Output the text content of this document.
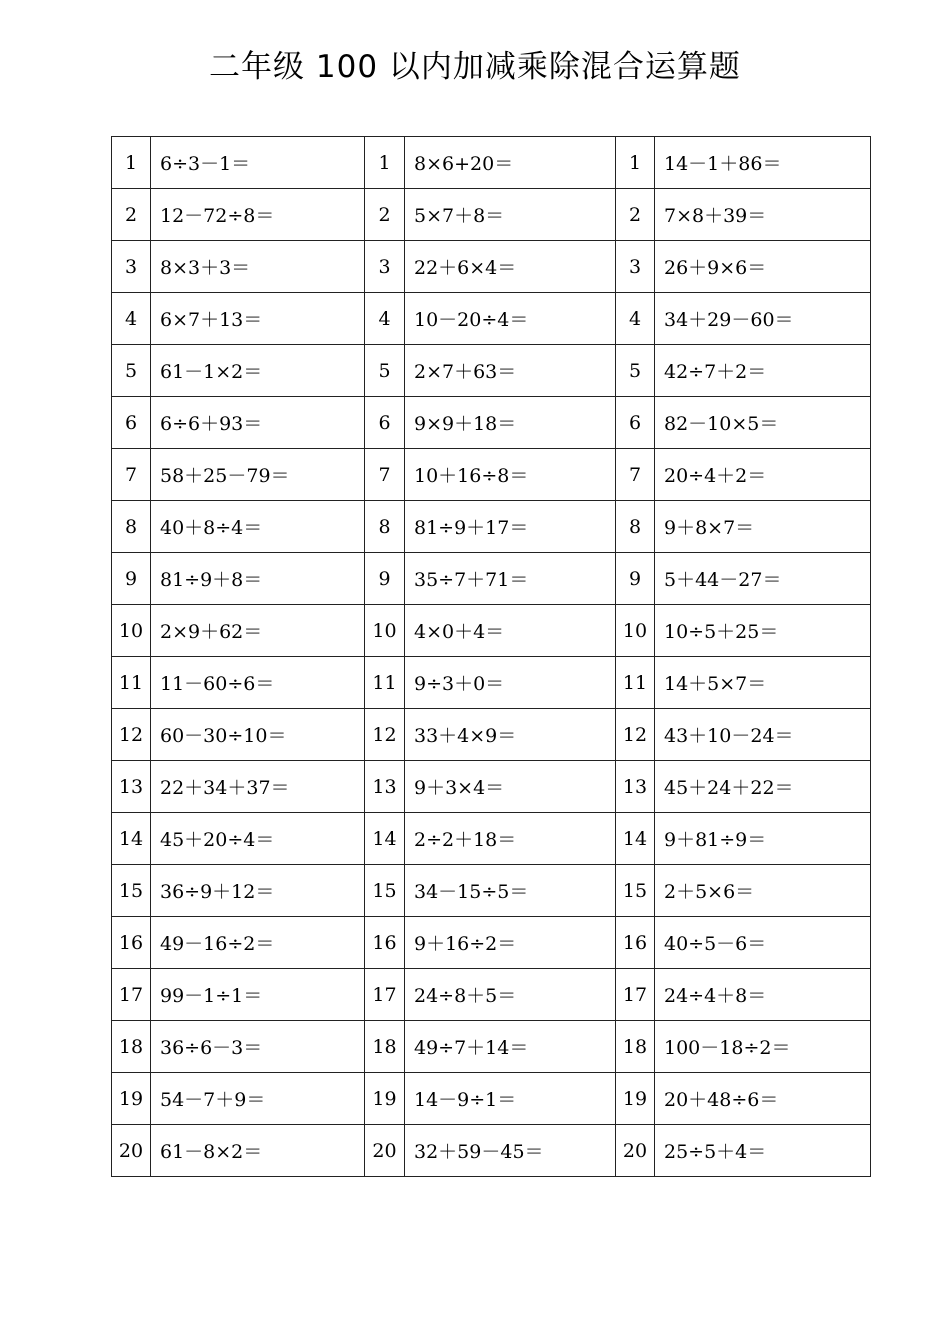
二年级 100 以内加减乘除混合运算题
1	6÷3－1＝	1	8×6+20＝	1	14－1＋86＝
2	12－72÷8＝	2	5×7＋8＝	2	7×8＋39＝
3	8×3＋3＝	3	22＋6×4＝	3	26＋9×6＝
4	6×7＋13＝	4	10－20÷4＝	4	34＋29－60＝
5	61－1×2＝	5	2×7＋63＝	5	42÷7＋2＝
6	6÷6＋93＝	6	9×9＋18＝	6	82－10×5＝
7	58＋25－79＝	7	10＋16÷8＝	7	20÷4＋2＝
8	40＋8÷4＝	8	81÷9＋17＝	8	9＋8×7＝
9	81÷9＋8＝	9	35÷7＋71＝	9	5＋44－27＝
10	2×9＋62＝	10	4×0＋4＝	10	10÷5＋25＝
11	11－60÷6＝	11	9÷3＋0＝	11	14＋5×7＝
12	60－30÷10＝	12	33＋4×9＝	12	43＋10－24＝
13	22＋34＋37＝	13	9＋3×4＝	13	45＋24＋22＝
14	45＋20÷4＝	14	2÷2＋18＝	14	9＋81÷9＝
15	36÷9＋12＝	15	34－15÷5＝	15	2＋5×6＝
16	49－16÷2＝	16	9＋16÷2＝	16	40÷5－6＝
17	99－1÷1＝	17	24÷8＋5＝	17	24÷4＋8＝
18	36÷6－3＝	18	49÷7＋14＝	18	100－18÷2＝
19	54－7＋9＝	19	14－9÷1＝	19	20＋48÷6＝
20	61－8×2＝	20	32＋59－45＝	20	25÷5＋4＝
